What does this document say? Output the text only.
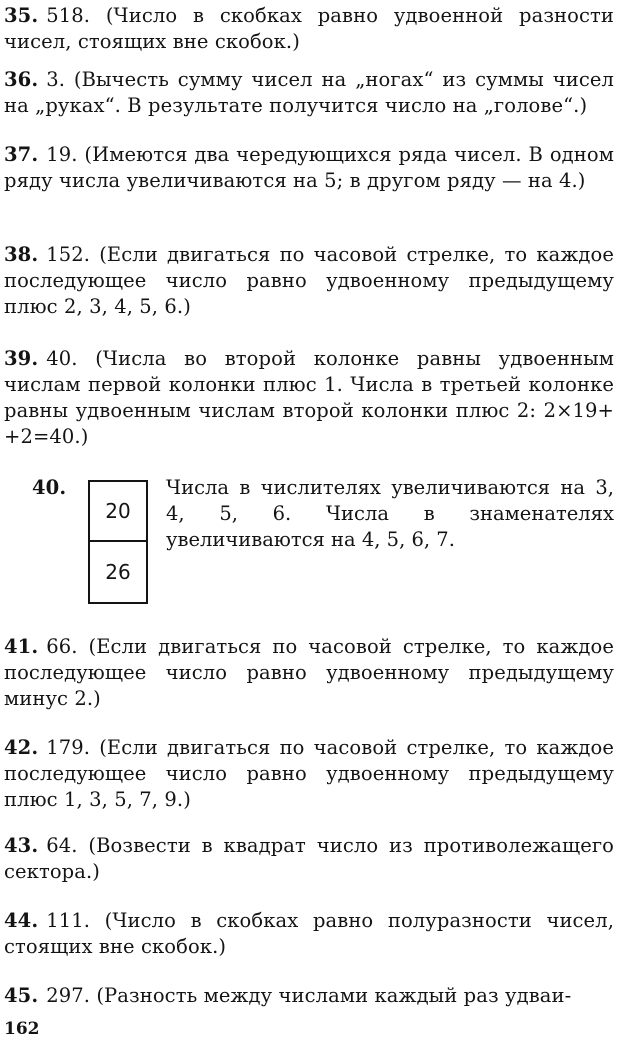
35. 518. (Число в скобках равно удвоенной разности чисел, стоящих вне скобок.)
36. 3. (Вычесть сумму чисел на „ногах“ из суммы чисел на „руках“. В результате получится число на „голове“.)
37. 19. (Имеются два чередующихся ряда чисел. В одном ряду числа увеличиваются на 5; в другом ряду — на 4.)
38. 152. (Если двигаться по часовой стрелке, то каждое последующее число равно удвоенному предыдущему плюс 2, 3, 4, 5, 6.)
39. 40. (Числа во второй колонке равны удвоенным числам первой колонки плюс 1. Числа в третьей колонке равны удвоенным числам второй колонки плюс 2: 2×19+ +2=40.)
40. $\frac{20}{26}$ Числа в числителях увеличиваются на 3, 4, 5, 6. Числа в знаменателях увеличиваются на 4, 5, 6, 7.
41. 66. (Если двигаться по часовой стрелке, то каждое последующее число равно удвоенному предыдущему минус 2.)
42. 179. (Если двигаться по часовой стрелке, то каждое последующее число равно удвоенному предыдущему плюс 1, 3, 5, 7, 9.)
43. 64. (Возвести в квадрат число из противолежащего сектора.)
44. 111. (Число в скобках равно полуразности чисел, стоящих вне скобок.)
45. 297. (Разность между числами каждый раз удваи-
162
